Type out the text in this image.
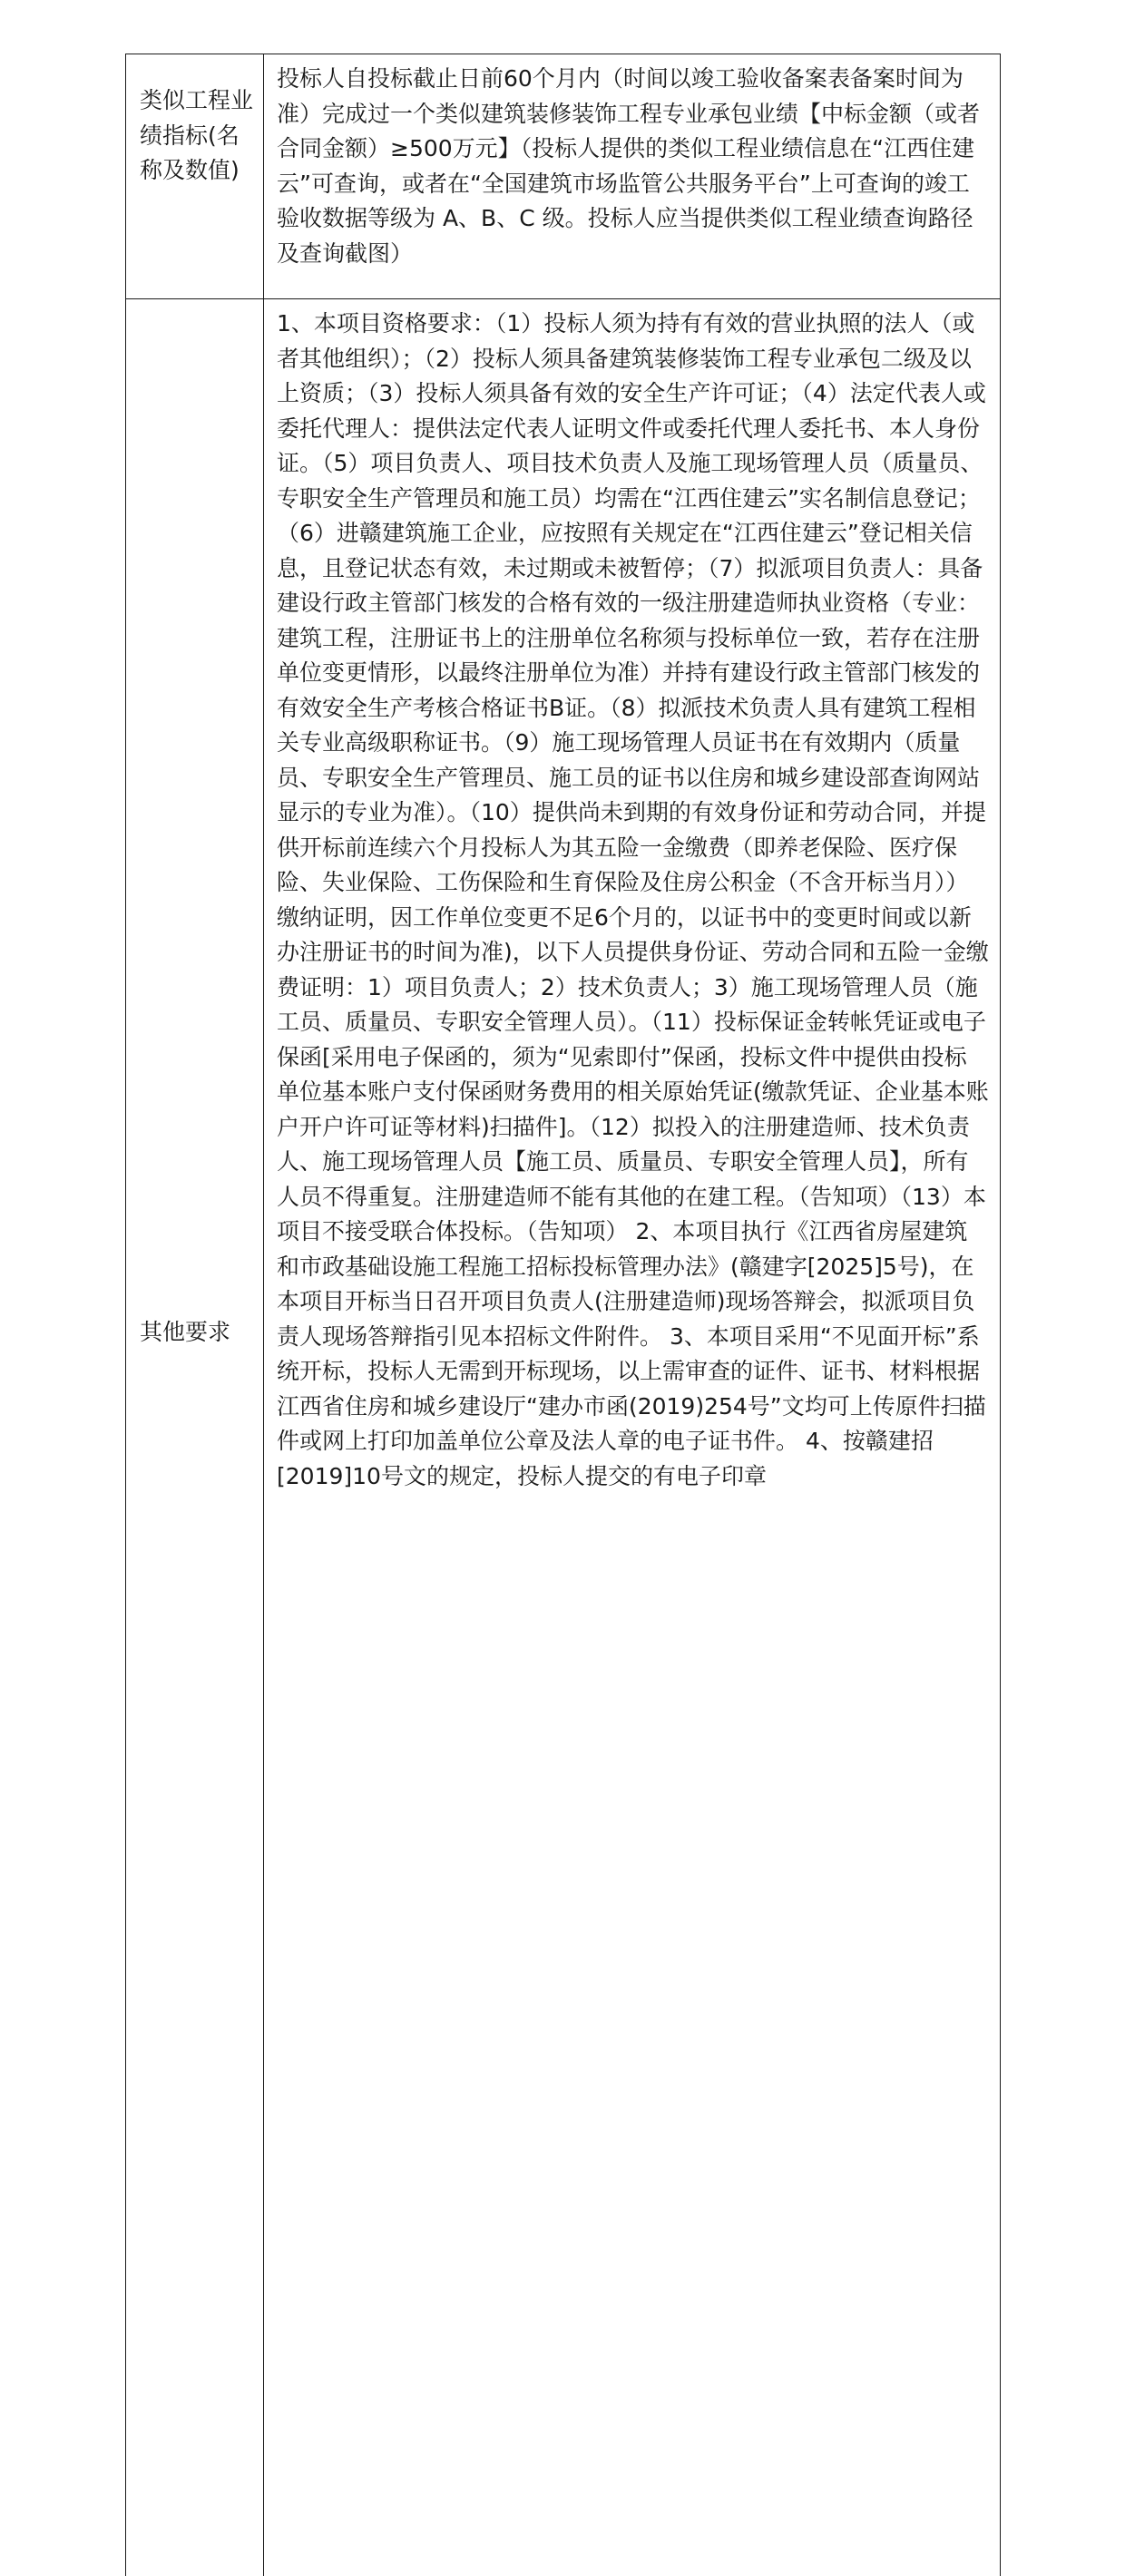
类似工程业绩指标(名称及数值)	投标人自投标截止日前60个月内（时间以竣工验收备案表备案时间为准）完成过一个类似建筑装修装饰工程专业承包业绩【中标金额（或者合同金额）≥500万元】（投标人提供的类似工程业绩信息在“江西住建云”可查询，或者在“全国建筑市场监管公共服务平台”上可查询的竣工验收数据等级为 A、B、C 级。投标人应当提供类似工程业绩查询路径及查询截图）
其他要求	1、本项目资格要求：（1）投标人须为持有有效的营业执照的法人（或者其他组织）；（2）投标人须具备建筑装修装饰工程专业承包二级及以上资质；（3）投标人须具备有效的安全生产许可证；（4）法定代表人或委托代理人：提供法定代表人证明文件或委托代理人委托书、本人身份证。（5）项目负责人、项目技术负责人及施工现场管理人员（质量员、专职安全生产管理员和施工员）均需在“江西住建云”实名制信息登记；（6）进赣建筑施工企业，应按照有关规定在“江西住建云”登记相关信息，且登记状态有效，未过期或未被暂停；（7）拟派项目负责人：具备建设行政主管部门核发的合格有效的一级注册建造师执业资格（专业：建筑工程，注册证书上的注册单位名称须与投标单位一致，若存在注册单位变更情形，以最终注册单位为准）并持有建设行政主管部门核发的有效安全生产考核合格证书B证。（8）拟派技术负责人具有建筑工程相关专业高级职称证书。（9）施工现场管理人员证书在有效期内（质量员、专职安全生产管理员、施工员的证书以住房和城乡建设部查询网站显示的专业为准）。（10）提供尚未到期的有效身份证和劳动合同，并提供开标前连续六个月投标人为其五险一金缴费（即养老保险、医疗保险、失业保险、工伤保险和生育保险及住房公积金（不含开标当月））缴纳证明，因工作单位变更不足6个月的，以证书中的变更时间或以新办注册证书的时间为准)，以下人员提供身份证、劳动合同和五险一金缴费证明：1）项目负责人；2）技术负责人；3）施工现场管理人员（施工员、质量员、专职安全管理人员）。（11）投标保证金转帐凭证或电子保函[采用电子保函的，须为“见索即付”保函，投标文件中提供由投标单位基本账户支付保函财务费用的相关原始凭证(缴款凭证、企业基本账户开户许可证等材料)扫描件]。（12）拟投入的注册建造师、技术负责人、施工现场管理人员【施工员、质量员、专职安全管理人员】，所有人员不得重复。注册建造师不能有其他的在建工程。（告知项）（13）本项目不接受联合体投标。（告知项） 2、本项目执行《江西省房屋建筑和市政基础设施工程施工招标投标管理办法》(赣建字[2025]5号)，在本项目开标当日召开项目负责人(注册建造师)现场答辩会，拟派项目负责人现场答辩指引见本招标文件附件。 3、本项目采用“不见面开标”系统开标，投标人无需到开标现场，以上需审查的证件、证书、材料根据江西省住房和城乡建设厅“建办市函(2019)254号”文均可上传原件扫描件或网上打印加盖单位公章及法人章的电子证书件。 4、按赣建招[2019]10号文的规定，投标人提交的有电子印章
